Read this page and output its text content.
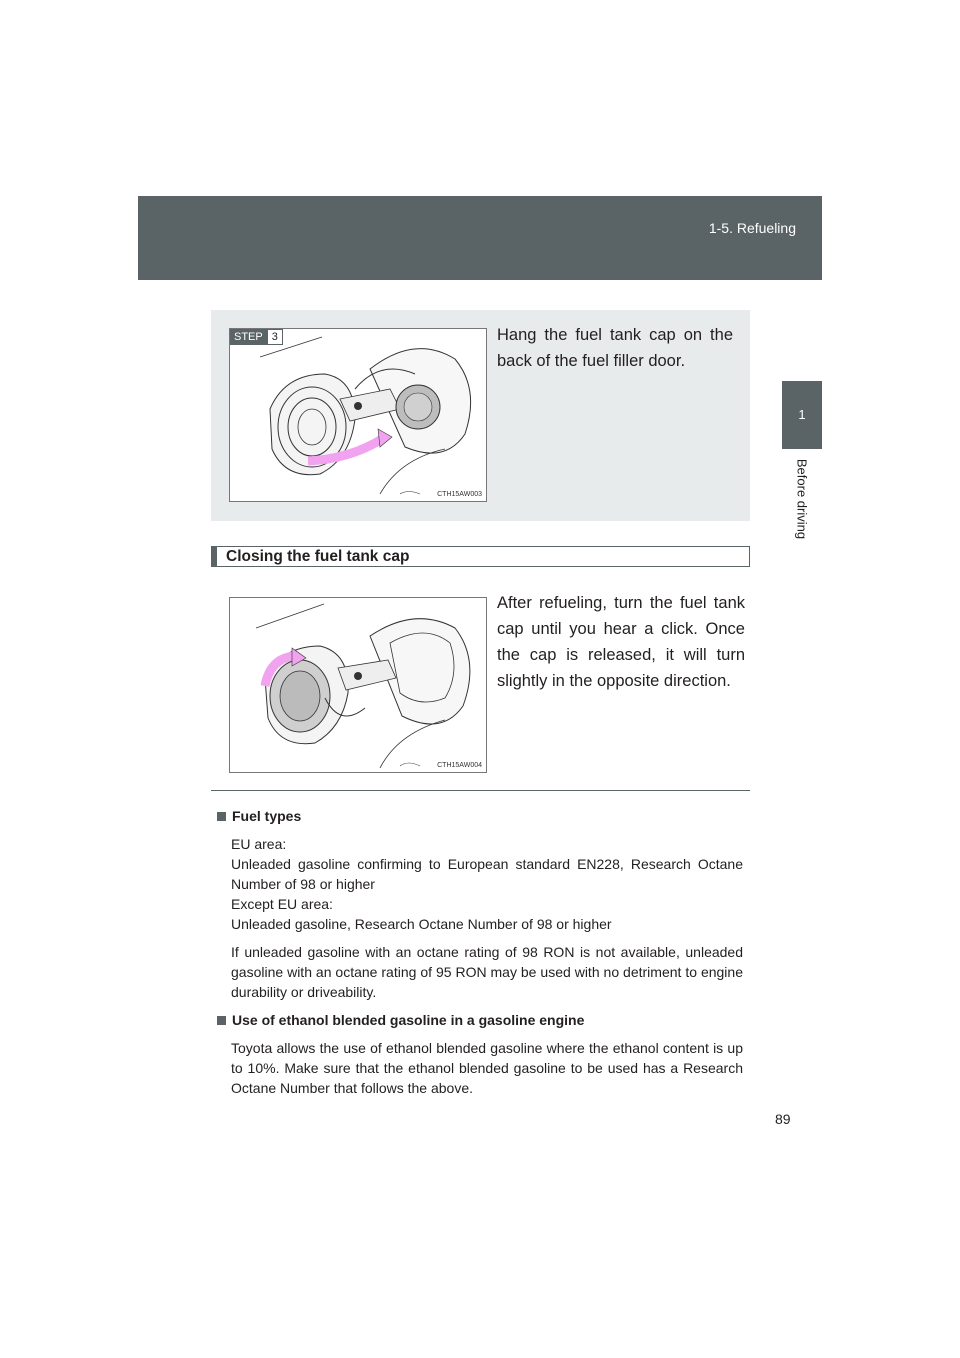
1-5. Refueling
1
Before driving
STEP 3
CTH15AW003
Hang the fuel tank cap on the back of the fuel filler door.
Closing the fuel tank cap
CTH15AW004
After refueling, turn the fuel tank cap until you hear a click. Once the cap is released, it will turn slightly in the opposite direction.
Fuel types
EU area:
Unleaded gasoline confirming to European standard EN228, Research Octane Number of 98 or higher
Except EU area:
Unleaded gasoline, Research Octane Number of 98 or higher
If unleaded gasoline with an octane rating of 98 RON is not available, unleaded gasoline with an octane rating of 95 RON may be used with no detriment to engine durability or driveability.
Use of ethanol blended gasoline in a gasoline engine
Toyota allows the use of ethanol blended gasoline where the ethanol content is up to 10%. Make sure that the ethanol blended gasoline to be used has a Research Octane Number that follows the above.
89
